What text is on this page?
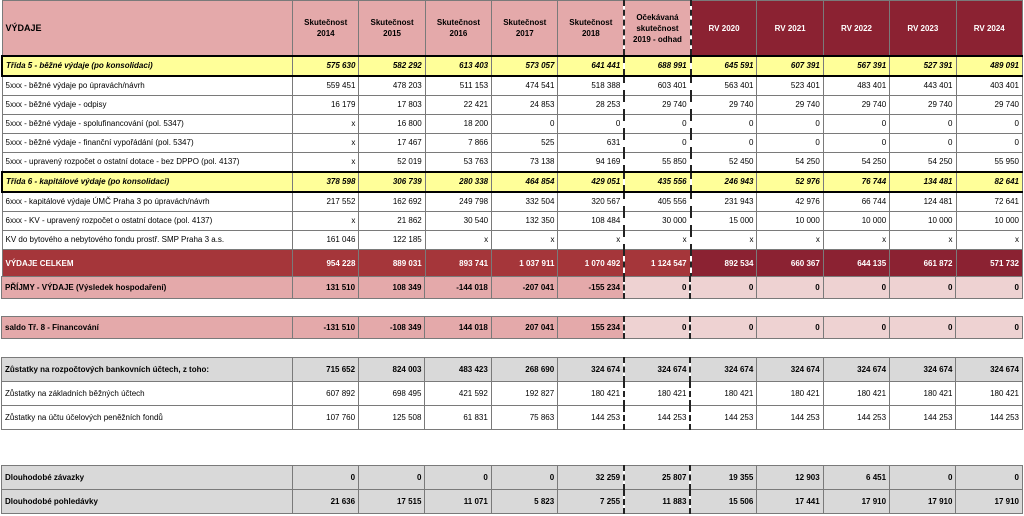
VÝDAJE	Skutečnost 2014	Skutečnost 2015	Skutečnost 2016	Skutečnost 2017	Skutečnost 2018	Očekávaná skutečnost 2019 - odhad	RV 2020	RV 2021	RV 2022	RV 2023	RV 2024
Třída 5 - běžné výdaje (po konsolidaci)	575 630	582 292	613 403	573 057	641 441	688 991	645 591	607 391	567 391	527 391	489 091
5xxx - běžné výdaje po úpravách/návrh	559 451	478 203	511 153	474 541	518 388	603 401	563 401	523 401	483 401	443 401	403 401
5xxx - běžné výdaje - odpisy	16 179	17 803	22 421	24 853	28 253	29 740	29 740	29 740	29 740	29 740	29 740
5xxx - běžné výdaje - spolufinancování (pol. 5347)	x	16 800	18 200	0	0	0	0	0	0	0	0
5xxx - běžné výdaje - finanční vypořádání (pol. 5347)	x	17 467	7 866	525	631	0	0	0	0	0	0
5xxx - upravený rozpočet o ostatní dotace - bez DPPO (pol. 4137)	x	52 019	53 763	73 138	94 169	55 850	52 450	54 250	54 250	54 250	55 950
Třída 6 - kapitálové výdaje (po konsolidaci)	378 598	306 739	280 338	464 854	429 051	435 556	246 943	52 976	76 744	134 481	82 641
6xxx - kapitálové výdaje ÚMČ Praha 3 po úpravách/návrh	217 552	162 692	249 798	332 504	320 567	405 556	231 943	42 976	66 744	124 481	72 641
6xxx - KV - upravený rozpočet o ostatní dotace (pol. 4137)	x	21 862	30 540	132 350	108 484	30 000	15 000	10 000	10 000	10 000	10 000
KV do bytového a nebytového fondu prostř. SMP Praha 3 a.s.	161 046	122 185	x	x	x	x	x	x	x	x	x
VÝDAJE CELKEM	954 228	889 031	893 741	1 037 911	1 070 492	1 124 547	892 534	660 367	644 135	661 872	571 732
PŘÍJMY - VÝDAJE (Výsledek hospodaření)	131 510	108 349	-144 018	-207 041	-155 234	0	0	0	0	0	0
saldo Tř. 8 - Financování	-131 510	-108 349	144 018	207 041	155 234	0	0	0	0	0	0
Zůstatky na rozpočtových bankovních účtech, z toho:	715 652	824 003	483 423	268 690	324 674	324 674	324 674	324 674	324 674	324 674	324 674
Zůstatky na základních běžných účtech	607 892	698 495	421 592	192 827	180 421	180 421	180 421	180 421	180 421	180 421	180 421
Zůstatky na účtu účelových peněžních fondů	107 760	125 508	61 831	75 863	144 253	144 253	144 253	144 253	144 253	144 253	144 253
Dlouhodobé závazky	0	0	0	0	32 259	25 807	19 355	12 903	6 451	0	0
Dlouhodobé pohledávky	21 636	17 515	11 071	5 823	7 255	11 883	15 506	17 441	17 910	17 910	17 910
